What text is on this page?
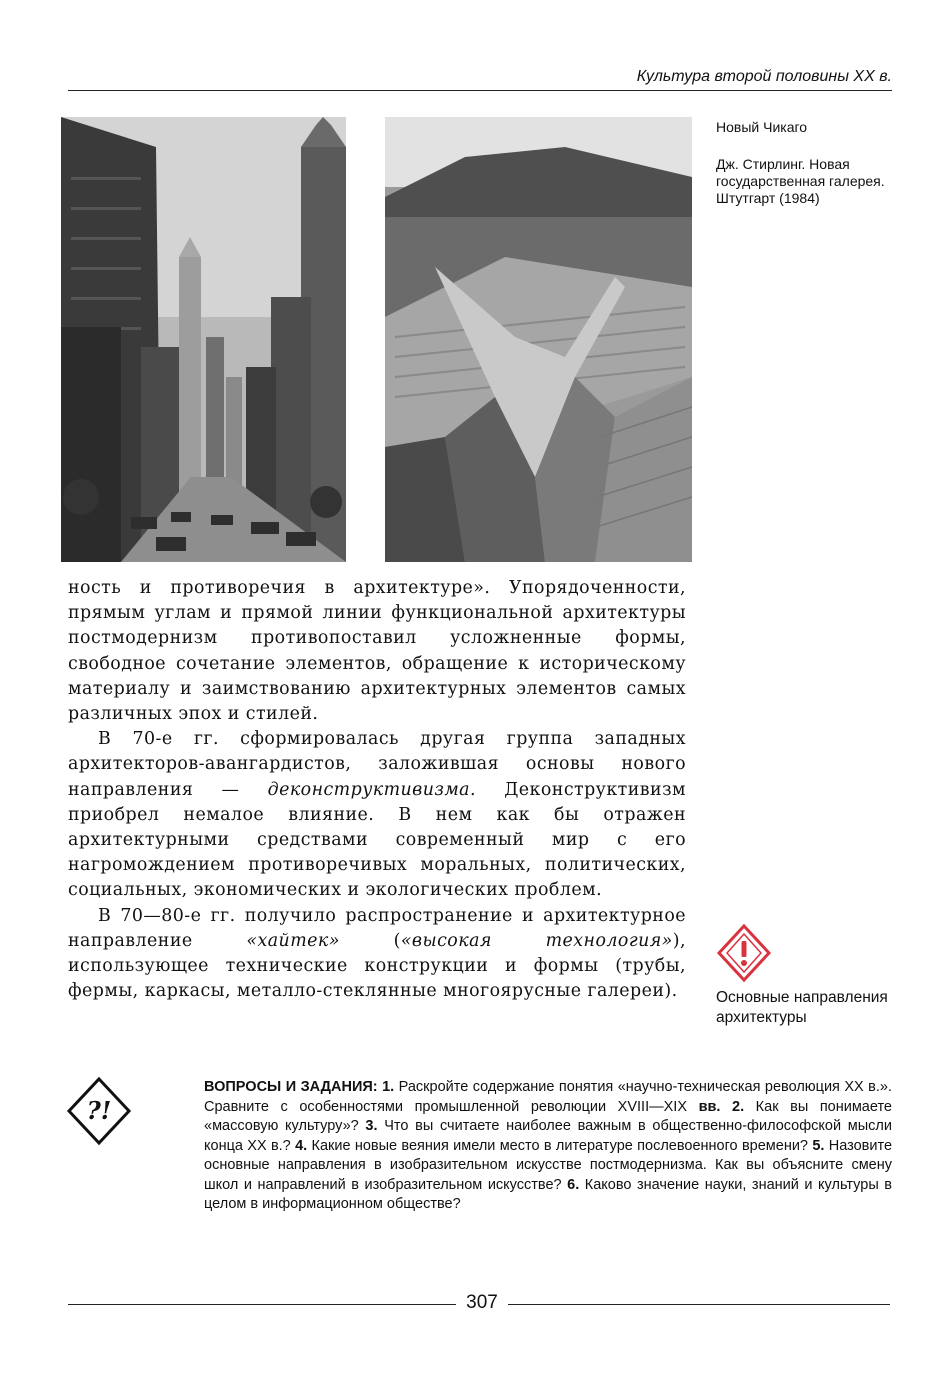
Культура второй половины XX в.
Новый Чикаго
Дж. Стирлинг. Новая государственная галерея. Штутгарт (1984)

ность и противоречия в архитектуре». Упорядоченности, прямым углам и прямой линии функциональной архитектуры постмодернизм противопоставил усложненные формы, свободное сочетание элементов, обращение к историческому материалу и заимствованию архитектурных элементов самых различных эпох и стилей.

В 70-е гг. сформировалась другая группа западных архитекторов-авангардистов, заложившая основы нового направления — деконструктивизма. Деконструктивизм приобрел немалое влияние. В нем как бы отражен архитектурными средствами современный мир с его нагромождением противоречивых моральных, политических, социальных, экономических и экологических проблем.

В 70—80-е гг. получило распространение и архитектурное направление «хайтек» («высокая технология»), использующее технические конструкции и формы (трубы, фермы, каркасы, металло-стеклянные многоярусные галереи).	Основные направления архитектуры
?!
ВОПРОСЫ И ЗАДАНИЯ: 1. Раскройте содержание понятия «научно-техническая революция XX в.». Сравните с особенностями промышленной революции XVIII—XIX вв. 2. Как вы понимаете «массовую культуру»? 3. Что вы считаете наиболее важным в общественно-философской мысли конца XX в.? 4. Какие новые веяния имели место в литературе послевоенного времени? 5. Назовите основные направления в изобразительном искусстве постмодернизма. Как вы объясните смену школ и направлений в изобразительном искусстве? 6. Каково значение науки, знаний и культуры в целом в информационном обществе?
307
